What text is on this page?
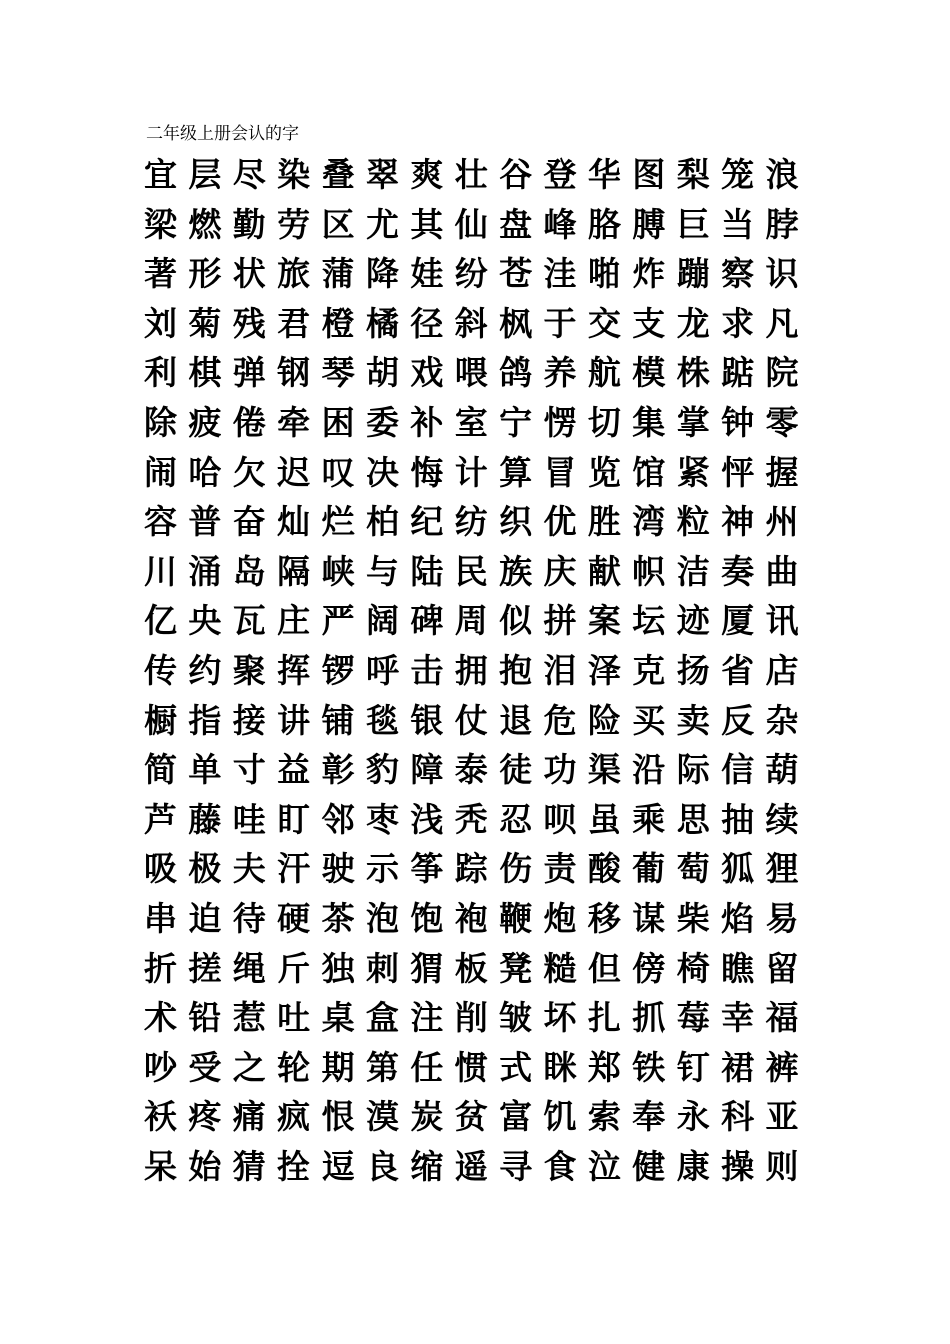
二年级上册会认的字
宜 层 尽 染 叠 翠 爽 壮 谷 登 华 图 梨 笼 浪
梁 燃 勤 劳 区 尤 其 仙 盘 峰 胳 膊 巨 当 脖
著 形 状 旅 蒲 降 娃 纷 苍 洼 啪 炸 蹦 察 识
刘 菊 残 君 橙 橘 径 斜 枫 于 交 支 龙 求 凡
利 棋 弹 钢 琴 胡 戏 喂 鸽 养 航 模 株 踮 院
除 疲 倦 牵 困 委 补 室 宁 愣 切 集 掌 钟 零
闹 哈 欠 迟 叹 决 悔 计 算 冒 览 馆 紧 怦 握
容 普 奋 灿 烂 柏 纪 纺 织 优 胜 湾 粒 神 州
川 涌 岛 隔 峡 与 陆 民 族 庆 献 帜 洁 奏 曲
亿 央 瓦 庄 严 阔 碑 周 似 拼 案 坛 迹 厦 讯
传 约 聚 挥 锣 呼 击 拥 抱 泪 泽 克 扬 省 店
橱 指 接 讲 铺 毯 银 仗 退 危 险 买 卖 反 杂
简 单 寸 益 彰 豹 障 泰 徒 功 渠 沿 际 信 葫
芦 藤 哇 盯 邻 枣 浅 秃 忍 呗 虽 乘 思 抽 续
吸 极 夫 汗 驶 示 筝 踪 伤 责 酸 葡 萄 狐 狸
串 迫 待 硬 茶 泡 饱 袍 鞭 炮 移 谋 柴 焰 易
折 搓 绳 斤 独 刺 猬 板 凳 糙 但 傍 椅 瞧 留
术 铅 惹 吐 桌 盒 注 削 皱 坏 扎 抓 莓 幸 福
吵 受 之 轮 期 第 任 惯 式 眯 郑 铁 钉 裙 裤
袄 疼 痛 疯 恨 漠 炭 贫 富 饥 索 奉 永 科 亚
呆 始 猜 拴 逗 良 缩 遥 寻 食 泣 健 康 操 则
